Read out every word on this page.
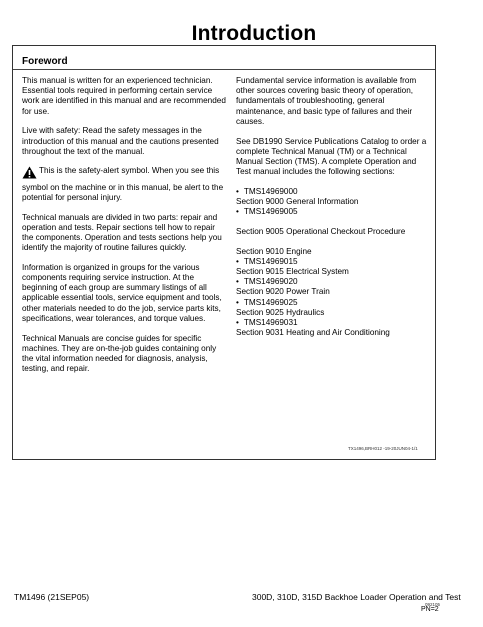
Introduction
Foreword

This manual is written for an experienced technician. Essential tools required in performing certain service work are identified in this manual and are recommended for use.

Live with safety: Read the safety messages in the introduction of this manual and the cautions presented throughout the text of the manual.

This is the safety-alert symbol. When you see this symbol on the machine or in this manual, be alert to the potential for personal injury.

Technical manuals are divided in two parts: repair and operation and tests. Repair sections tell how to repair the components. Operation and tests sections help you identify the majority of routine failures quickly.

Information is organized in groups for the various components requiring service instruction. At the beginning of each group are summary listings of all applicable essential tools, service equipment and tools, other materials needed to do the job, service parts kits, specifications, wear tolerances, and torque values.

Technical Manuals are concise guides for specific machines. They are on-the-job guides containing only the vital information needed for diagnosis, analysis, testing, and repair.

Fundamental service information is available from other sources covering basic theory of operation, fundamentals of troubleshooting, general maintenance, and basic type of failures and their causes.

See DB1990 Service Publications Catalog to order a complete Technical Manual (TM) or a Technical Manual Section (TMS). A complete Operation and Test manual includes the following sections:

• TMS14969000
Section 9000 General Information
• TMS14969005

Section 9005 Operational Checkout Procedure

Section 9010 Engine
• TMS14969015
Section 9015 Electrical System
• TMS14969020
Section 9020 Power Train
• TMS14969025
Section 9025 Hydraulics
• TMS14969031
Section 9031 Heating and Air Conditioning
TX1496,BRH012 -19-20JUN04-1/1
TM1496 (21SEP05)	300D, 310D, 315D Backhoe Loader Operation and Test
092105
PN=2
